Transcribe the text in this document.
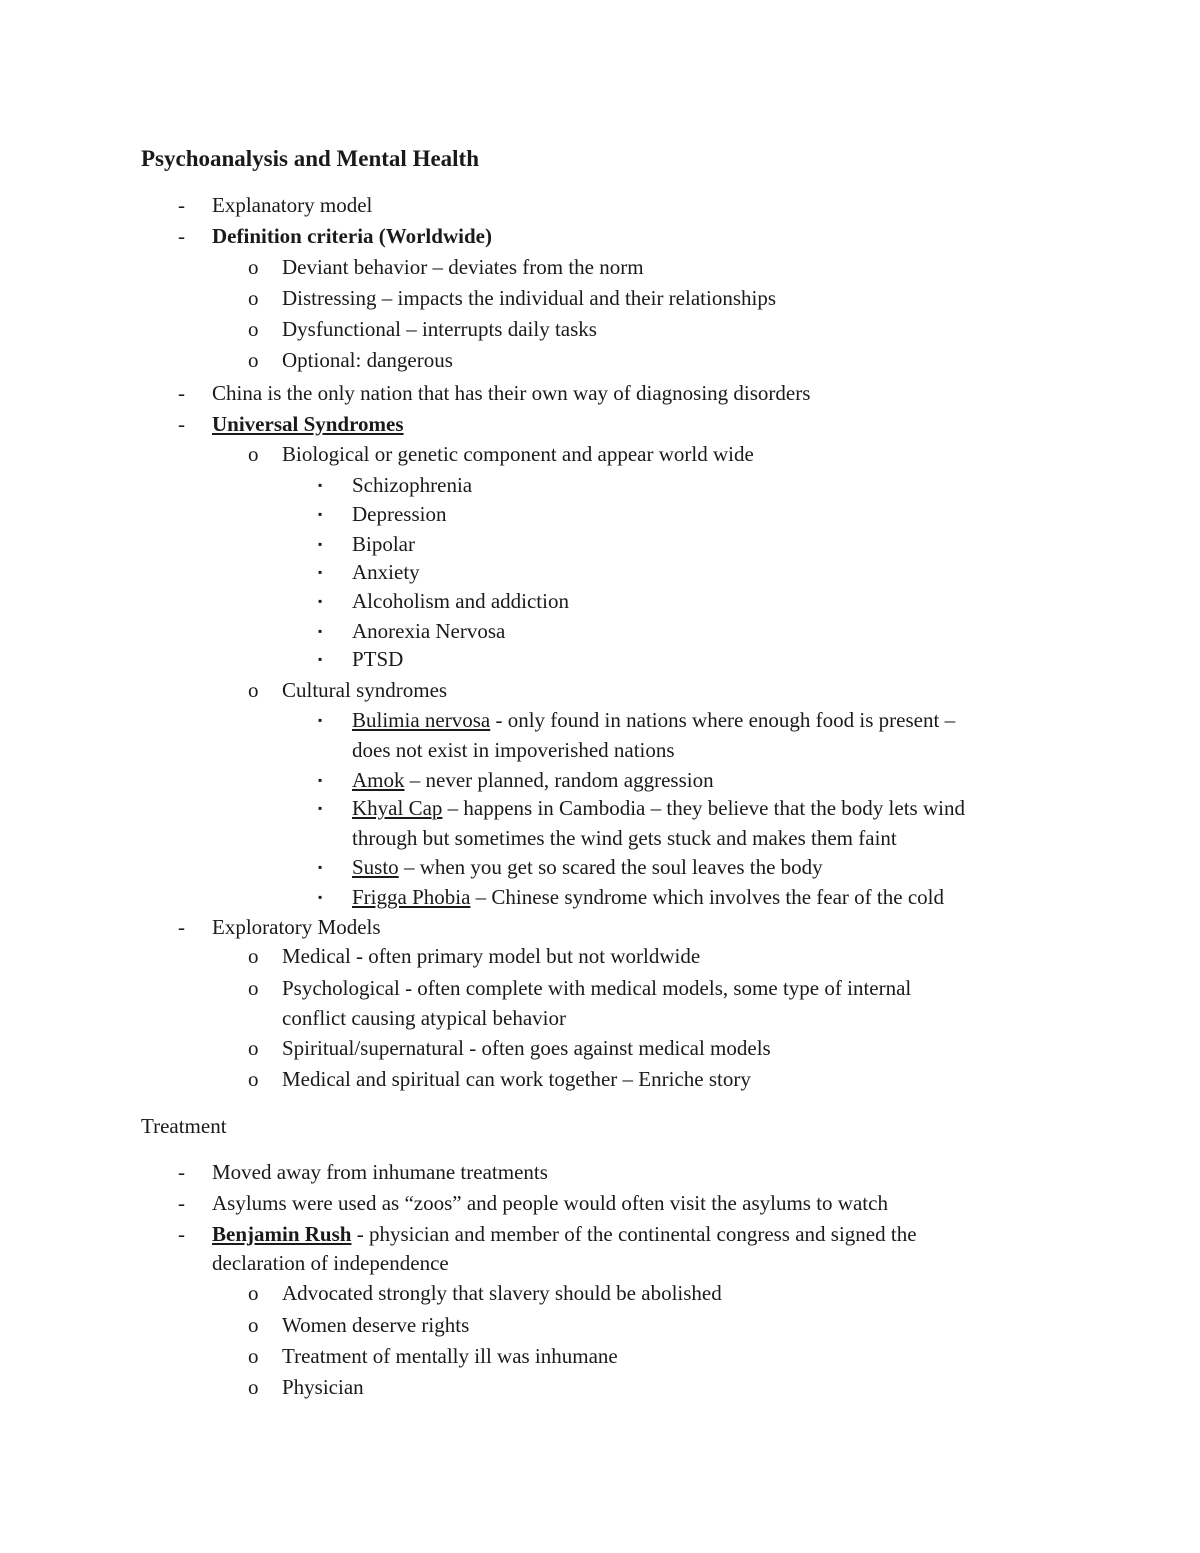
Psychoanalysis and Mental Health
- Explanatory model
- Definition criteria (Worldwide)
o Deviant behavior – deviates from the norm
o Distressing – impacts the individual and their relationships
o Dysfunctional – interrupts daily tasks
o Optional: dangerous
- China is the only nation that has their own way of diagnosing disorders
- Universal Syndromes
o Biological or genetic component and appear world wide
▪ Schizophrenia
▪ Depression
▪ Bipolar
▪ Anxiety
▪ Alcoholism and addiction
▪ Anorexia Nervosa
▪ PTSD
o Cultural syndromes
▪ Bulimia nervosa - only found in nations where enough food is present –
does not exist in impoverished nations
▪ Amok – never planned, random aggression
▪ Khyal Cap – happens in Cambodia – they believe that the body lets wind
through but sometimes the wind gets stuck and makes them faint
▪ Susto – when you get so scared the soul leaves the body
▪ Frigga Phobia – Chinese syndrome which involves the fear of the cold
- Exploratory Models
o Medical - often primary model but not worldwide
o Psychological - often complete with medical models, some type of internal
conflict causing atypical behavior
o Spiritual/supernatural - often goes against medical models
o Medical and spiritual can work together – Enriche story
Treatment
- Moved away from inhumane treatments
- Asylums were used as “zoos” and people would often visit the asylums to watch
- Benjamin Rush - physician and member of the continental congress and signed the
declaration of independence
o Advocated strongly that slavery should be abolished
o Women deserve rights
o Treatment of mentally ill was inhumane
o Physician
